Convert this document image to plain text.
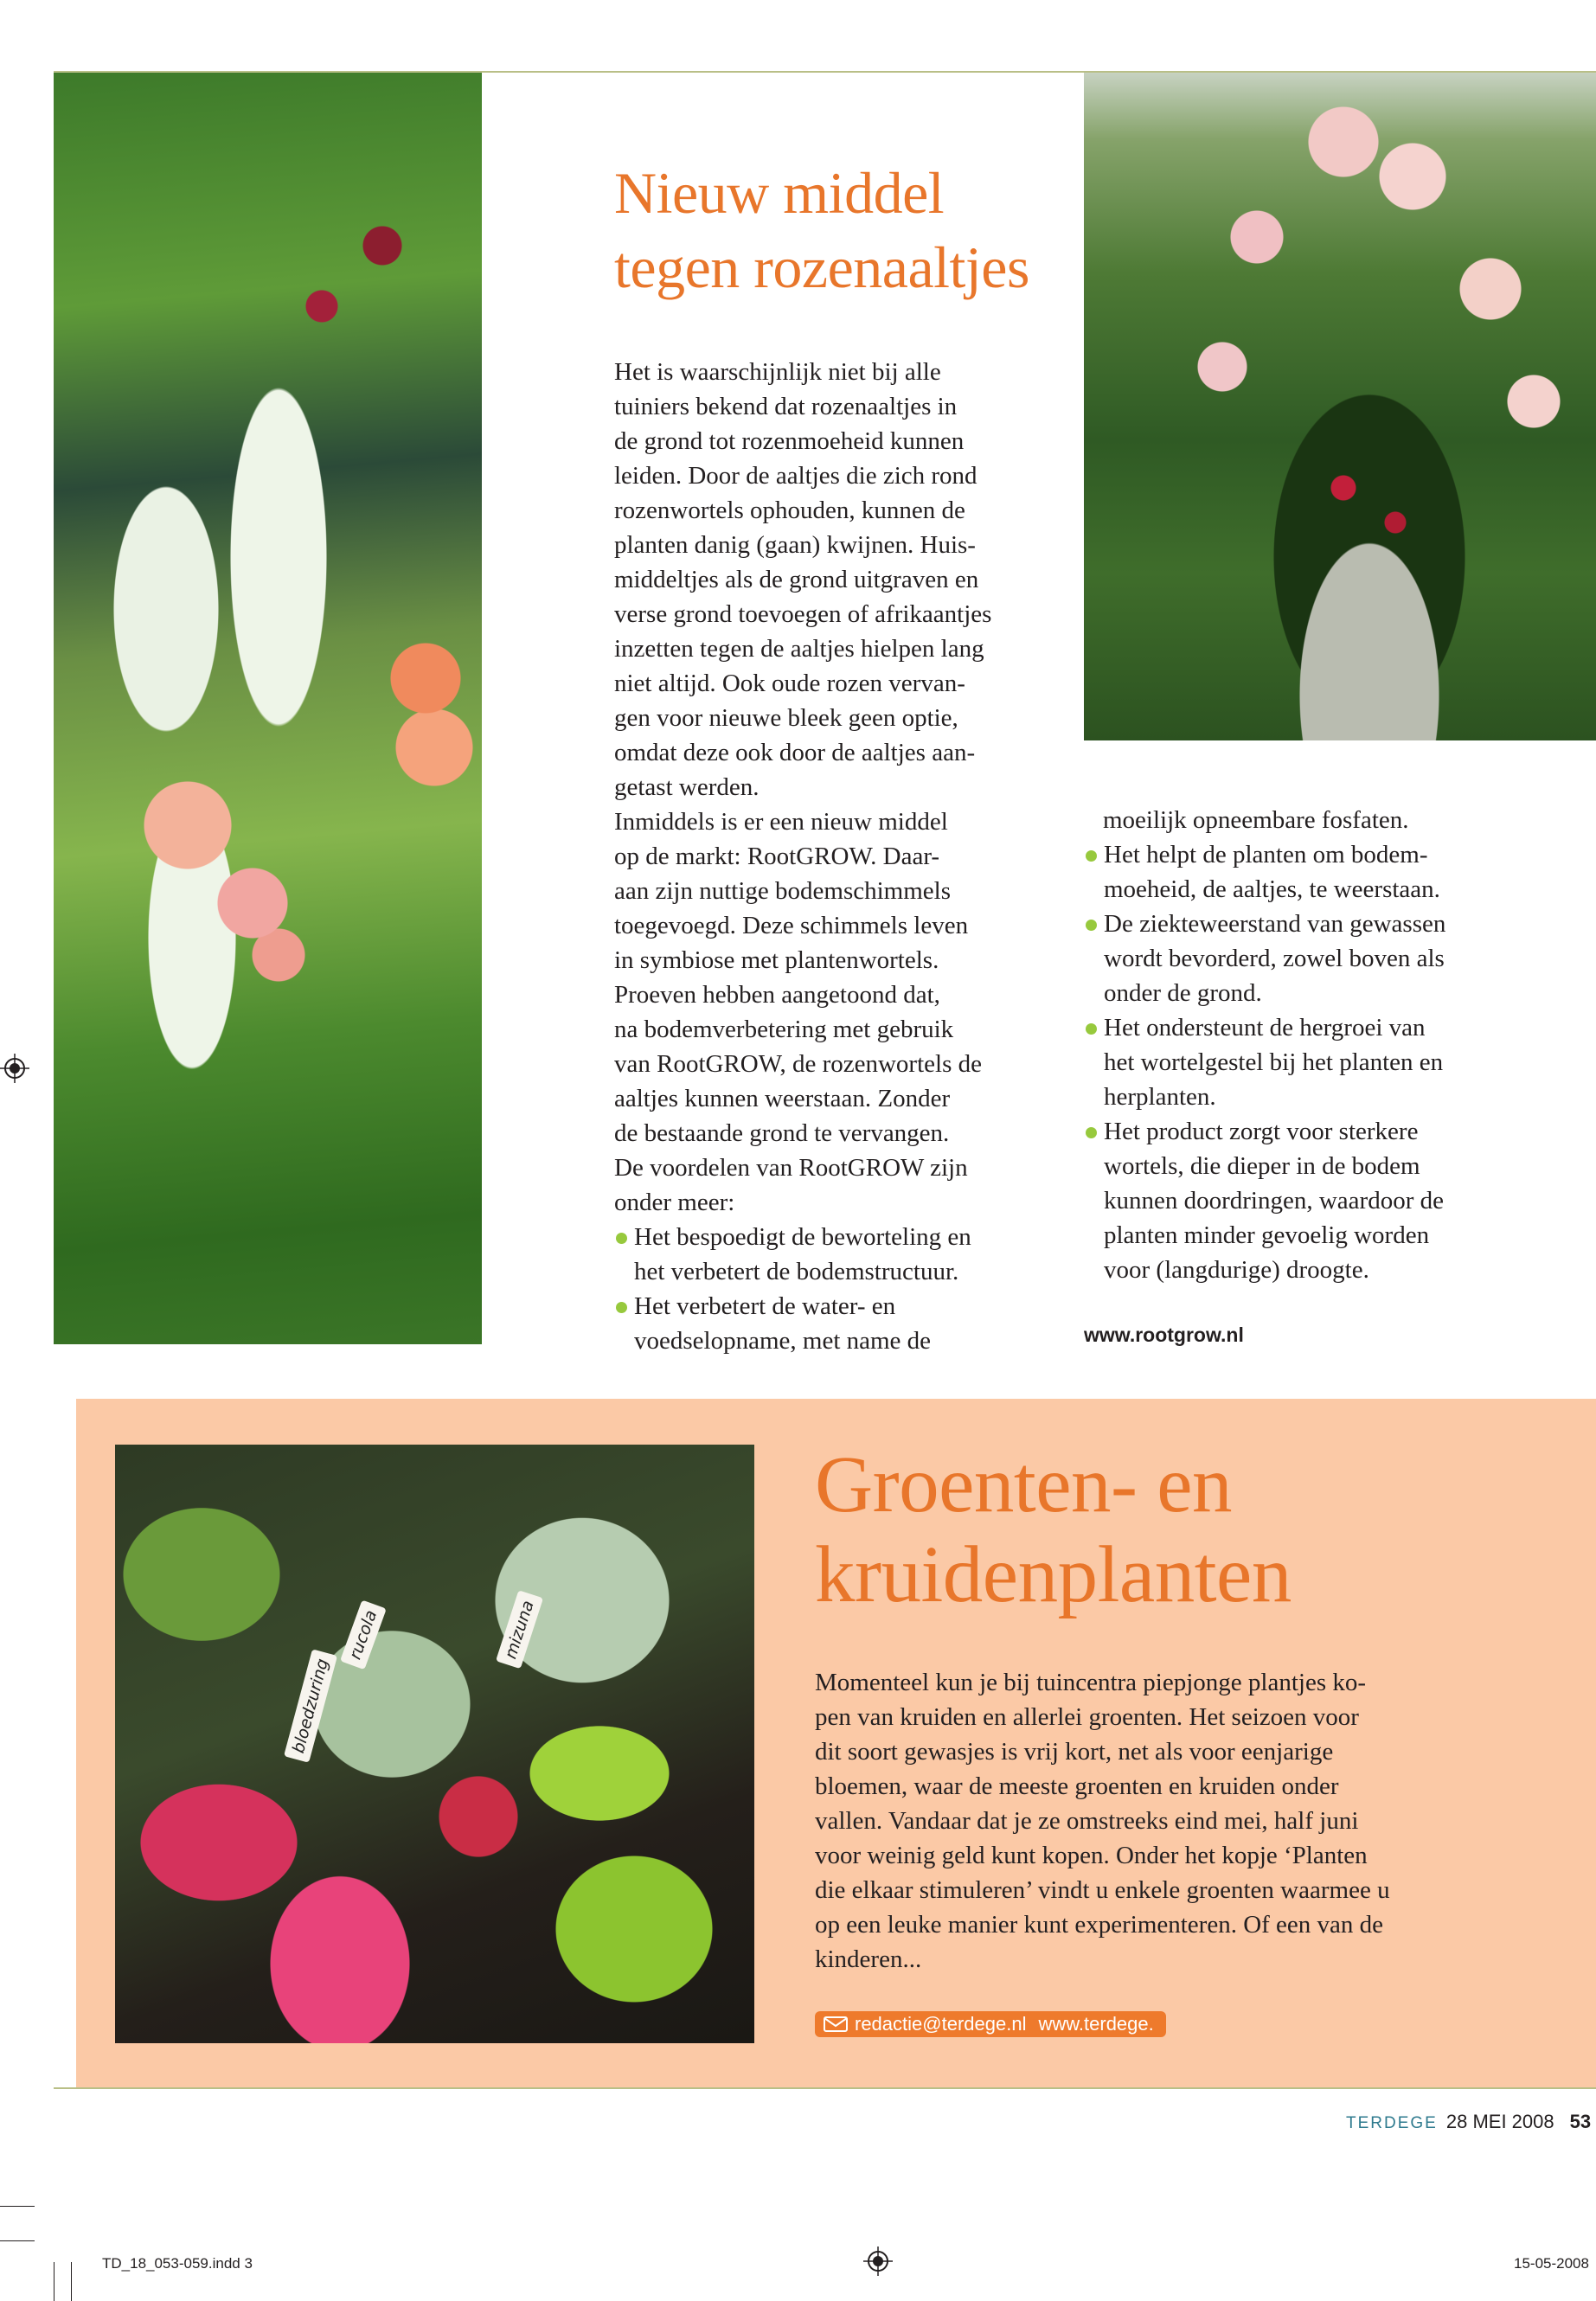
Nieuw middel
tegen rozenaaltjes
Het is waarschijnlijk niet bij alle
tuiniers bekend dat rozenaaltjes in
de grond tot rozenmoeheid kunnen
leiden. Door de aaltjes die zich rond
rozenwortels ophouden, kunnen de
planten danig (gaan) kwijnen. Huis-
middeltjes als de grond uitgraven en
verse grond toevoegen of afrikaantjes
inzetten tegen de aaltjes hielpen lang
niet altijd. Ook oude rozen vervan-
gen voor nieuwe bleek geen optie,
omdat deze ook door de aaltjes aan-
getast werden.
Inmiddels is er een nieuw middel
op de markt: RootGROW. Daar-
aan zijn nuttige bodemschimmels
toegevoegd. Deze schimmels leven
in symbiose met plantenwortels.
Proeven hebben aangetoond dat,
na bodemverbetering met gebruik
van RootGROW, de rozenwortels de
aaltjes kunnen weerstaan. Zonder
de bestaande grond te vervangen.
De voordelen van RootGROW zijn
onder meer:
Het bespoedigt de beworteling en
het verbetert de bodemstructuur.
Het verbetert de water- en
voedselopname, met name de
moeilijk opneembare fosfaten.
Het helpt de planten om bodem-
moeheid, de aaltjes, te weerstaan.
De ziekteweerstand van gewassen
wordt bevorderd, zowel boven als
onder de grond.
Het ondersteunt de hergroei van
het wortelgestel bij het planten en
herplanten.
Het product zorgt voor sterkere
wortels, die dieper in de bodem
kunnen doordringen, waardoor de
planten minder gevoelig worden
voor (langdurige) droogte.
www.rootgrow.nl
bloedzuring
rucola	mizuna
Groenten- en
kruidenplanten
Momenteel kun je bij tuincentra piepjonge plantjes ko-
pen van kruiden en allerlei groenten. Het seizoen voor
dit soort gewasjes is vrij kort, net als voor eenjarige
bloemen, waar de meeste groenten en kruiden onder
vallen. Vandaar dat je ze omstreeks eind mei, half juni
voor weinig geld kunt kopen. Onder het kopje ‘Planten
die elkaar stimuleren’ vindt u enkele groenten waarmee u
op een leuke manier kunt experimenteren. Of een van de
kinderen...
redactie@terdege.nl www.terdege.
TERDEGE 28 MEI 2008 53
TD_18_053-059.indd 3	15-05-2008
